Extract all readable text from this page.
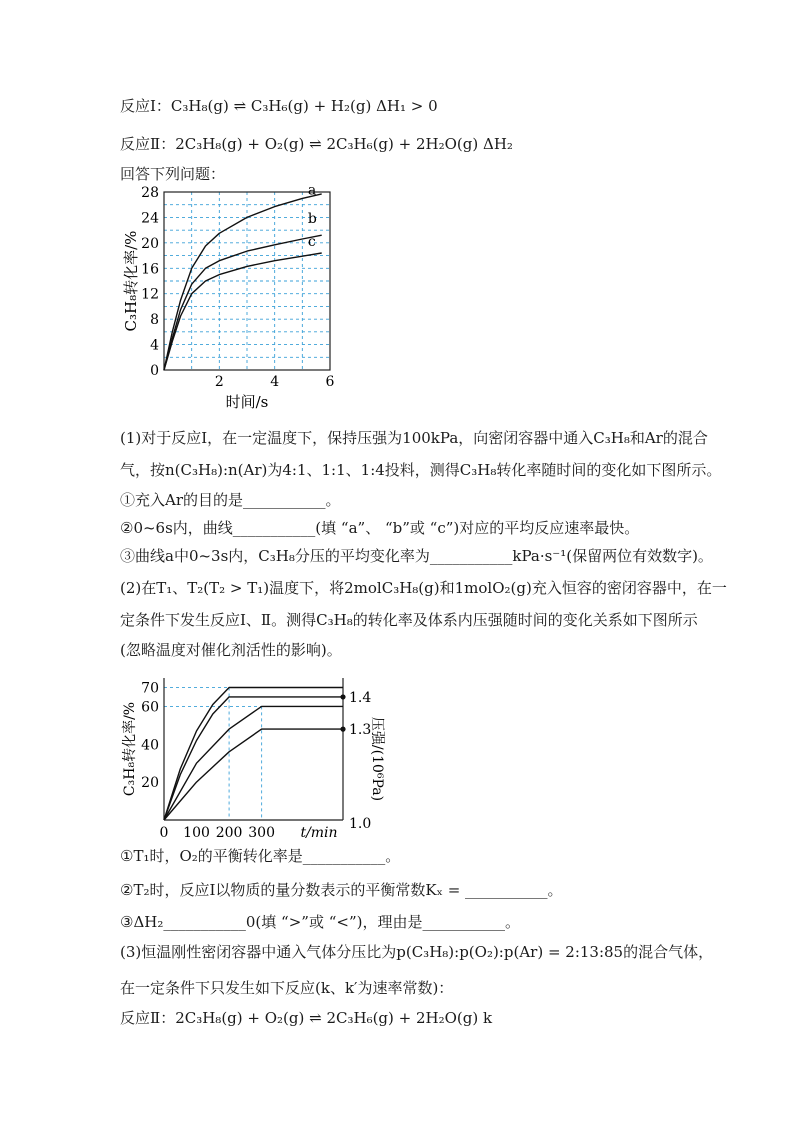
反应Ⅰ：C₃H₈(g) ⇌ C₃H₆(g) + H₂(g) ΔH₁ > 0
反应Ⅱ：2C₃H₈(g) + O₂(g) ⇌ 2C₃H₆(g) + 2H₂O(g) ΔH₂
回答下列问题：
0
4
8
12
16
20
24
28
2	4	6
时间/s
C₃H₈转化率/%
a
b
c
(1)对于反应Ⅰ，在一定温度下，保持压强为100kPa，向密闭容器中通入C₃H₈和Ar的混合
气，按n(C₃H₈):n(Ar)为4:1、1:1、1:4投料，测得C₃H₈转化率随时间的变化如下图所示。
①充入Ar的目的是___________。
②0~6s内，曲线___________(填 “a”、 “b”或 “c”)对应的平均反应速率最快。
③曲线a中0~3s内，C₃H₈分压的平均变化率为___________kPa·s⁻¹(保留两位有效数字)。
(2)在T₁、T₂(T₂ > T₁)温度下，将2molC₃H₈(g)和1molO₂(g)充入恒容的密闭容器中，在一
定条件下发生反应Ⅰ、Ⅱ。测得C₃H₈的转化率及体系内压强随时间的变化关系如下图所示
(忽略温度对催化剂活性的影响)。
20
40
60
70
0 100 200 300 t/min
1.0
1.3
1.4
压强/(10⁶Pa)
C₃H₈转化率/%
①T₁时，O₂的平衡转化率是___________。
②T₂时，反应Ⅰ以物质的量分数表示的平衡常数Kₓ = ___________。
③ΔH₂___________0(填 “>”或 “<”)，理由是___________。
(3)恒温刚性密闭容器中通入气体分压比为p(C₃H₈):p(O₂):p(Ar) = 2:13:85的混合气体，
在一定条件下只发生如下反应(k、k′为速率常数)：
反应Ⅱ：2C₃H₈(g) + O₂(g) ⇌ 2C₃H₆(g) + 2H₂O(g) k
